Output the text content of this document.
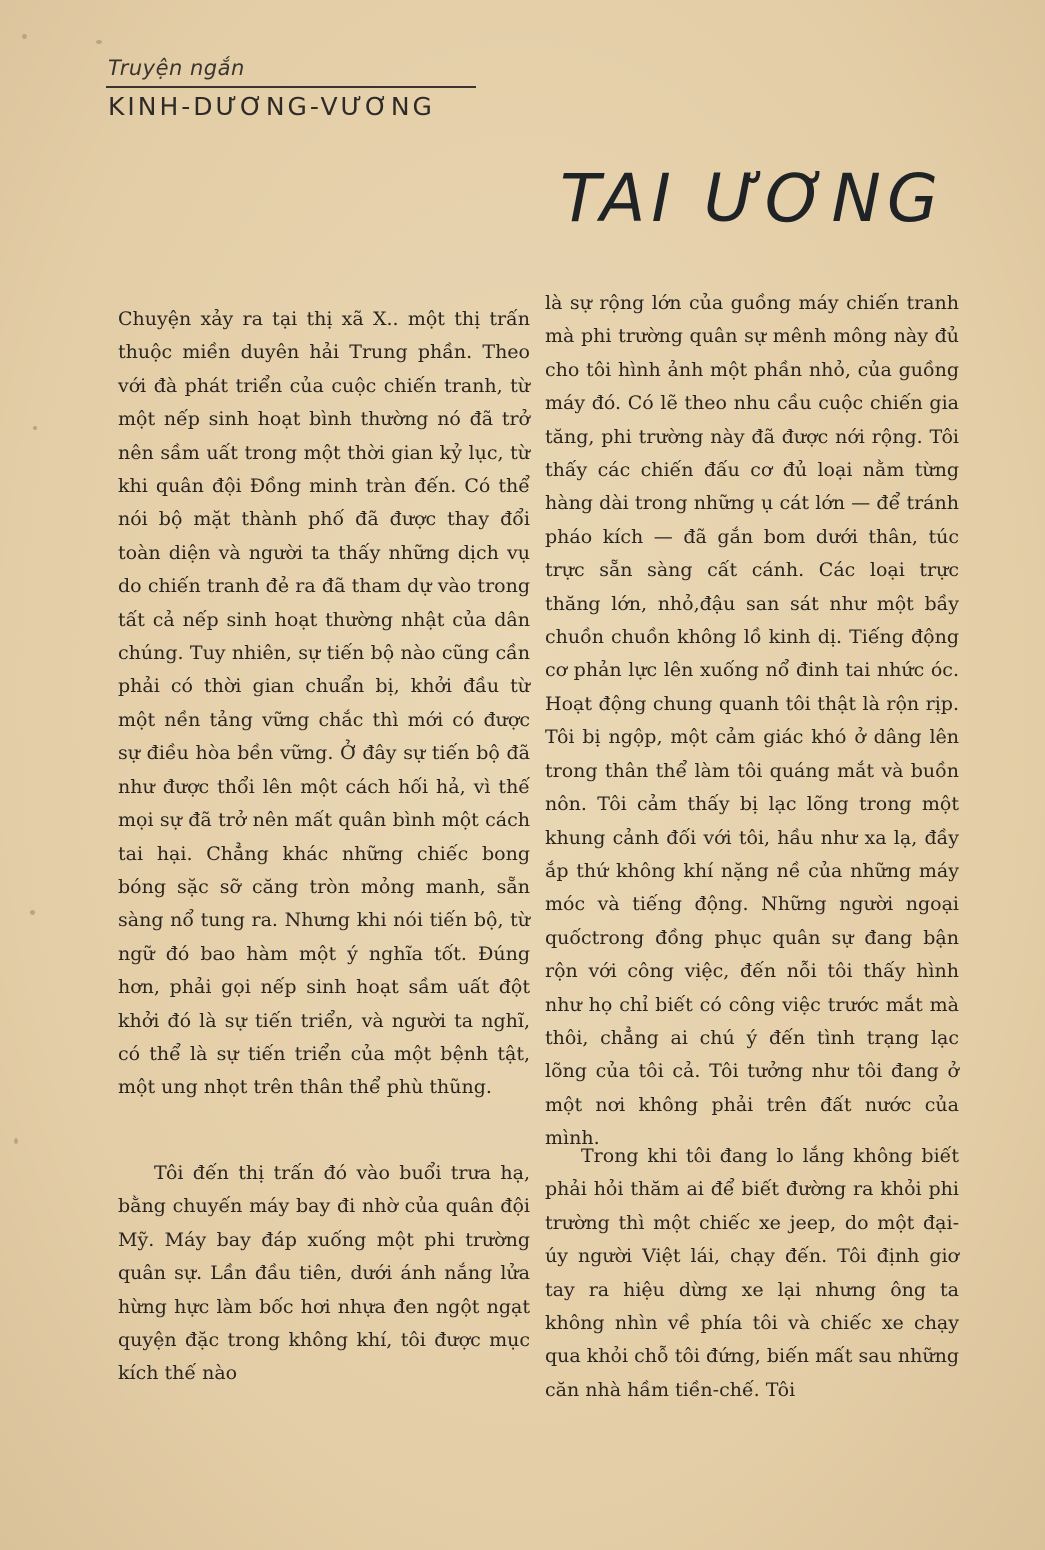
Truyện ngắn
KINH-DƯƠNG-VƯƠNG
TAI ƯƠNG

Chuyện xảy ra tại thị xã X.. một thị trấn thuộc miền duyên hải Trung phần. Theo với đà phát triển của cuộc chiến tranh, từ một nếp sinh hoạt bình thường nó đã trở nên sầm uất trong một thời gian kỷ lục, từ khi quân đội Đồng minh tràn đến. Có thể nói bộ mặt thành phố đã được thay đổi toàn diện và người ta thấy những dịch vụ do chiến tranh đẻ ra đã tham dự vào trong tất cả nếp sinh hoạt thường nhật của dân chúng. Tuy nhiên, sự tiến bộ nào cũng cần phải có thời gian chuẩn bị, khởi đầu từ một nền tảng vững chắc thì mới có được sự điều hòa bền vững. Ở đây sự tiến bộ đã như được thổi lên một cách hối hả, vì thế mọi sự đã trở nên mất quân bình một cách tai hại. Chẳng khác những chiếc bong bóng sặc sỡ căng tròn mỏng manh, sẵn sàng nổ tung ra. Nhưng khi nói tiến bộ, từ ngữ đó bao hàm một ý nghĩa tốt. Đúng hơn, phải gọi nếp sinh hoạt sầm uất đột khởi đó là sự tiến triển, và người ta nghĩ, có thể là sự tiến triển của một bệnh tật, một ung nhọt trên thân thể phù thũng.

Tôi đến thị trấn đó vào buổi trưa hạ, bằng chuyến máy bay đi nhờ của quân đội Mỹ. Máy bay đáp xuống một phi trường quân sự. Lần đầu tiên, dưới ánh nắng lửa hừng hực làm bốc hơi nhựa đen ngột ngạt quyện đặc trong không khí, tôi được mục kích thế nào

là sự rộng lớn của guồng máy chiến tranh mà phi trường quân sự mênh mông này đủ cho tôi hình ảnh một phần nhỏ, của guồng máy đó. Có lẽ theo nhu cầu cuộc chiến gia tăng, phi trường này đã được nới rộng. Tôi thấy các chiến đấu cơ đủ loại nằm từng hàng dài trong những ụ cát lớn — để tránh pháo kích — đã gắn bom dưới thân, túc trực sẵn sàng cất cánh. Các loại trực thăng lớn, nhỏ,đậu san sát như một bầy chuồn chuồn không lồ kinh dị. Tiếng động cơ phản lực lên xuống nổ đinh tai nhức óc. Hoạt động chung quanh tôi thật là rộn rịp. Tôi bị ngộp, một cảm giác khó ở dâng lên trong thân thể làm tôi quáng mắt và buồn nôn. Tôi cảm thấy bị lạc lõng trong một khung cảnh đối với tôi, hầu như xa lạ, đầy ắp thứ không khí nặng nề của những máy móc và tiếng động. Những người ngoại quốctrong đồng phục quân sự đang bận rộn với công việc, đến nỗi tôi thấy hình như họ chỉ biết có công việc trước mắt mà thôi, chẳng ai chú ý đến tình trạng lạc lõng của tôi cả. Tôi tưởng như tôi đang ở một nơi không phải trên đất nước của mình.

Trong khi tôi đang lo lắng không biết phải hỏi thăm ai để biết đường ra khỏi phi trường thì một chiếc xe jeep, do một đại-úy người Việt lái, chạy đến. Tôi định giơ tay ra hiệu dừng xe lại nhưng ông ta không nhìn về phía tôi và chiếc xe chạy qua khỏi chỗ tôi đứng, biến mất sau những căn nhà hầm tiền-chế. Tôi
